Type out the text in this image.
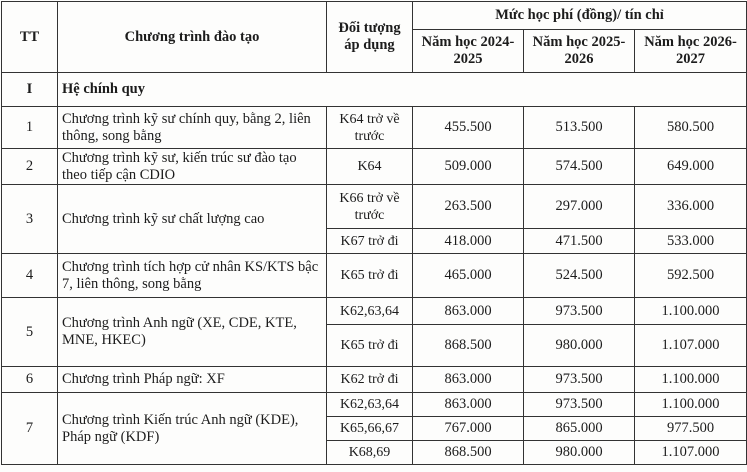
TT	Chương trình đào tạo	Đối tượng áp dụng	Mức học phí (đồng)/ tín chỉ		
			Năm học 2024-2025	Năm học 2025-2026	Năm học 2026-2027
I	Hệ chính quy				
1	Chương trình kỹ sư chính quy, bằng 2, liên thông, song bằng	K64 trở về trước	455.500	513.500	580.500
2	Chương trình kỹ sư, kiến trúc sư đào tạo theo tiếp cận CDIO	K64	509.000	574.500	649.000
3	Chương trình kỹ sư chất lượng cao	K66 trở về trước	263.500	297.000	336.000
		K67 trở đi	418.000	471.500	533.000
4	Chương trình tích hợp cử nhân KS/KTS bậc 7, liên thông, song bằng	K65 trở đi	465.000	524.500	592.500
5	Chương trình Anh ngữ (XE, CDE, KTE, MNE, HKEC)	K62,63,64	863.000	973.500	1.100.000
		K65 trở đi	868.500	980.000	1.107.000
6	Chương trình Pháp ngữ: XF	K62 trở đi	863.000	973.500	1.100.000
7	Chương trình Kiến trúc Anh ngữ (KDE), Pháp ngữ (KDF)	K62,63,64	863.000	973.500	1.100.000
		K65,66,67	767.000	865.000	977.500
		K68,69	868.500	980.000	1.107.000
